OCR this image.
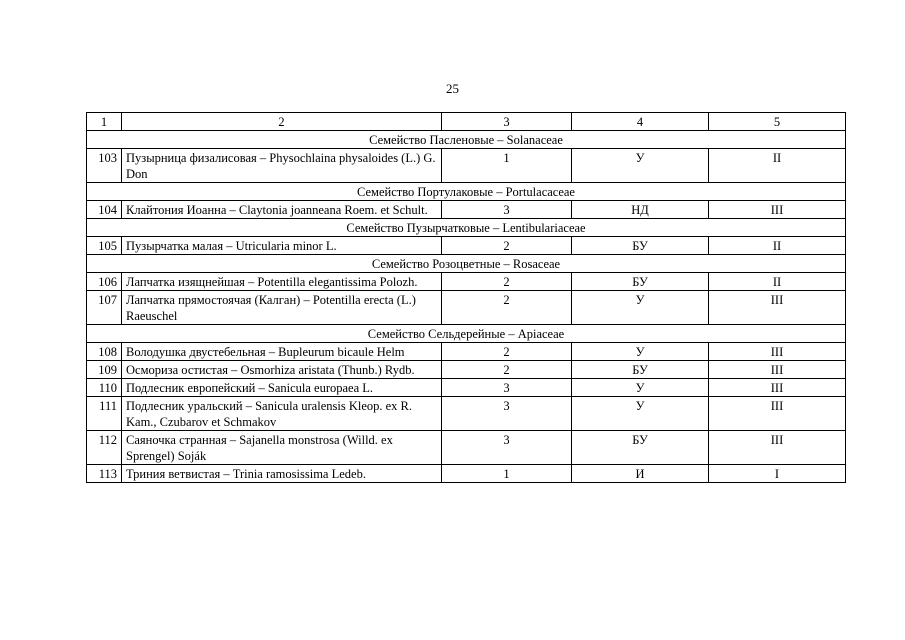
25
1	2	3	4	5
Семейство Пасленовые – Solanaceae				
103	Пузырница физалисовая – Physochlaina physaloides (L.) G. Don	1	У	II
Семейство Портулаковые – Portulacaceae				
104	Клайтония Иоанна – Claytonia joanneana Roem. et Schult.	3	НД	III
Семейство Пузырчатковые – Lentibulariaceae				
105	Пузырчатка малая – Utricularia minor L.	2	БУ	II
Семейство Розоцветные – Rosaceae				
106	Лапчатка изящнейшая – Potentilla elegantissima Polozh.	2	БУ	II
107	Лапчатка прямостоячая (Калган) – Potentilla erecta (L.) Raeuschel	2	У	III
Семейство Сельдерейные – Apiaceae				
108	Володушка двустебельная – Bupleurum bicaule Helm	2	У	III
109	Осмориза остистая – Osmorhiza aristata (Thunb.) Rydb.	2	БУ	III
110	Подлесник европейский – Sanicula europaea L.	3	У	III
111	Подлесник уральский – Sanicula uralensis Kleop. ex R. Kam., Czubarov et Schmakov	3	У	III
112	Саяночка странная – Sajanella monstrosa (Willd. ex Sprengel) Soják	3	БУ	III
113	Триния ветвистая – Trinia ramosissima Ledeb.	1	И	I
